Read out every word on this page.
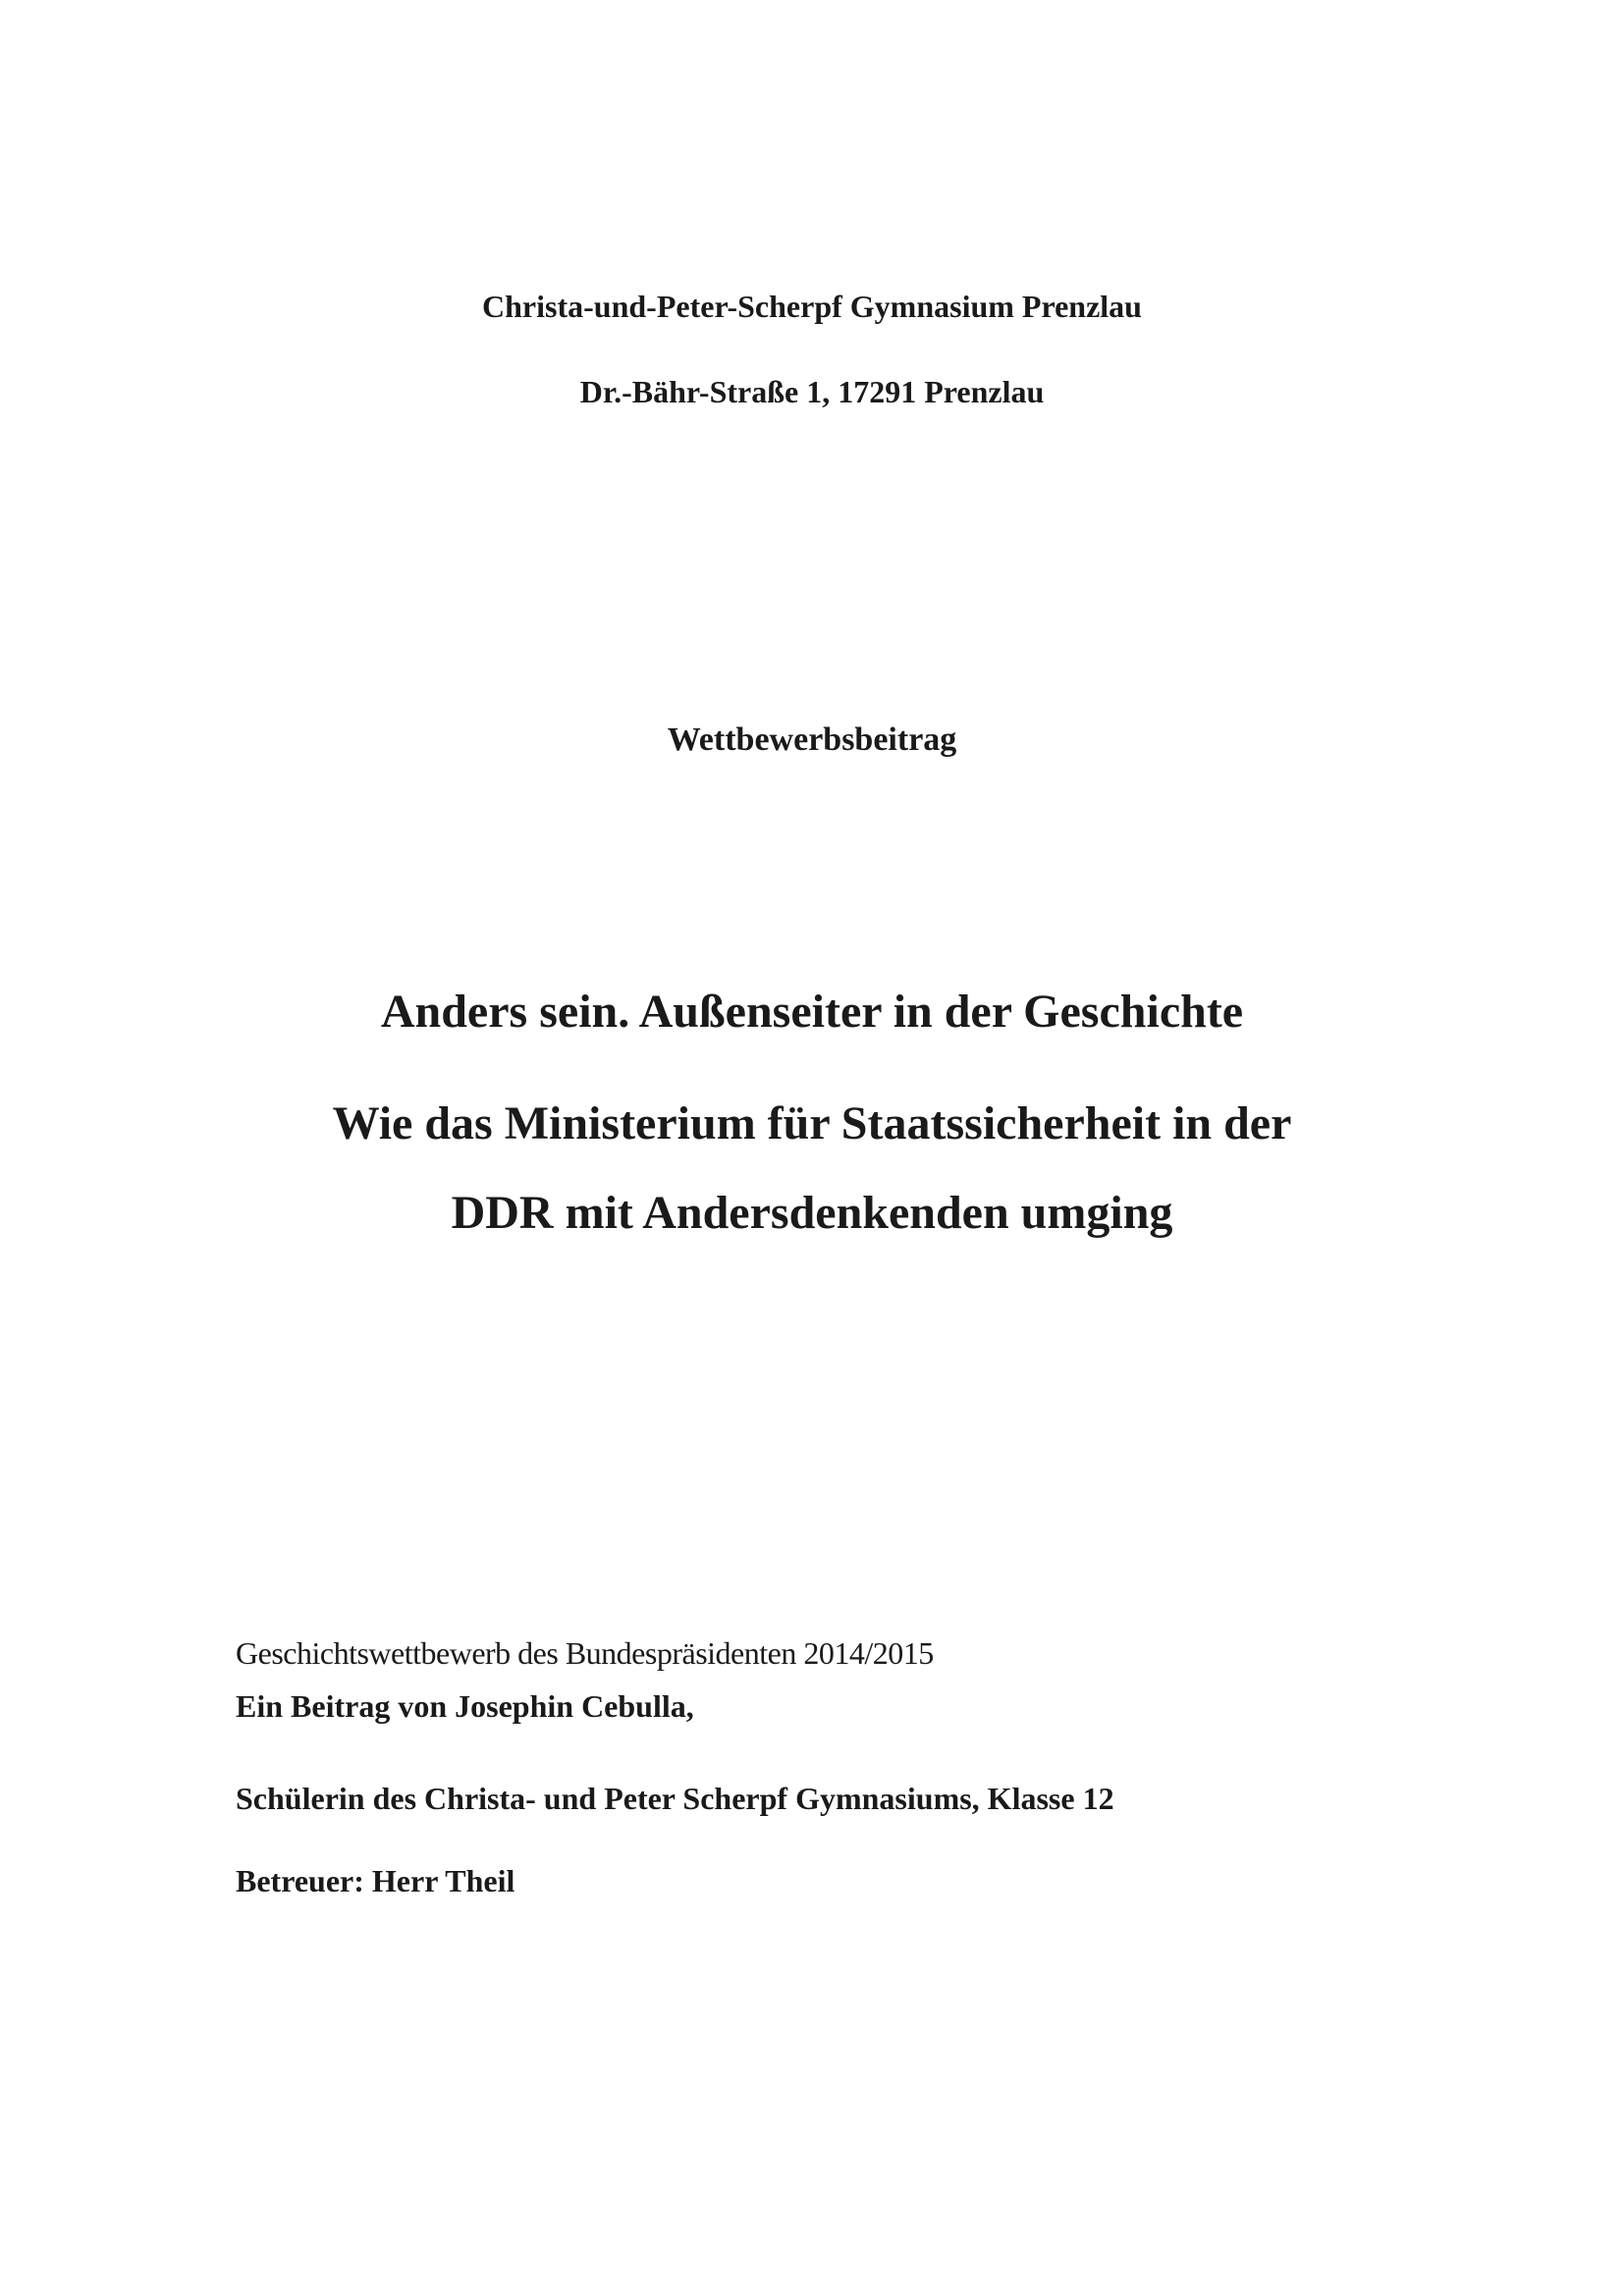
Christa-und-Peter-Scherpf Gymnasium Prenzlau

Dr.-Bähr-Straße 1, 17291 Prenzlau

Wettbewerbsbeitrag

Anders sein. Außenseiter in der Geschichte
Wie das Ministerium für Staatssicherheit in der
DDR mit Andersdenkenden umging

Geschichtswettbewerb des Bundespräsidenten 2014/2015

Ein Beitrag von Josephin Cebulla,

Schülerin des Christa- und Peter Scherpf Gymnasiums, Klasse 12

Betreuer: Herr Theil
